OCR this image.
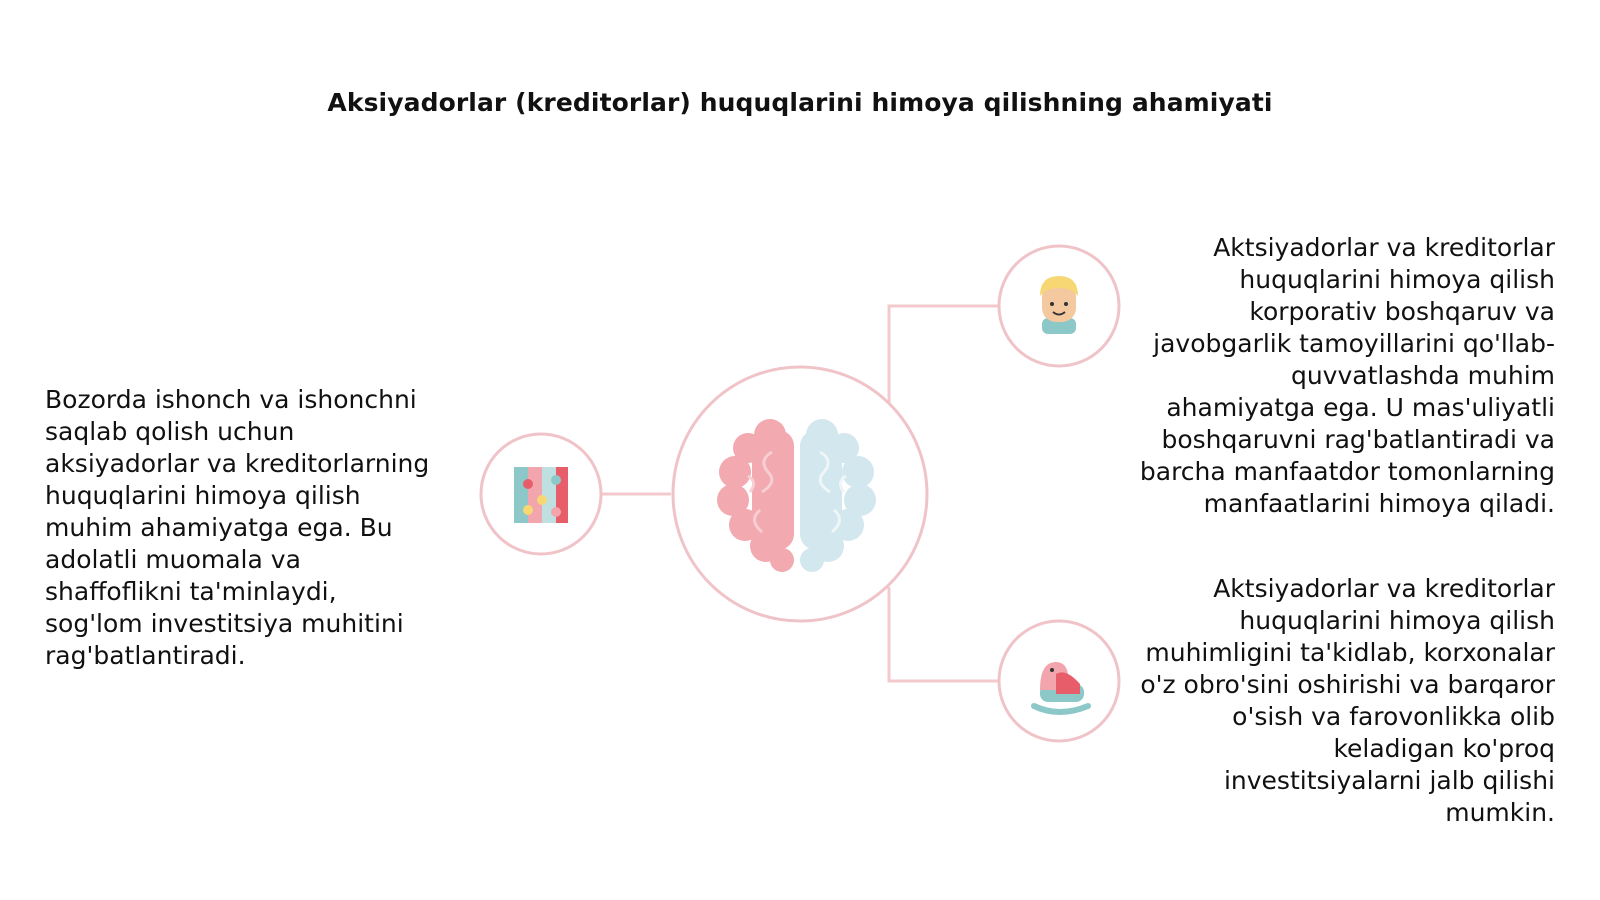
Aksiyadorlar (kreditorlar) huquqlarini himoya qilishning ahamiyati
Bozorda ishonch va ishonchni saqlab qolish uchun aksiyadorlar va kreditorlarning huquqlarini himoya qilish muhim ahamiyatga ega. Bu adolatli muomala va shaffoflikni ta'minlaydi, sog'lom investitsiya muhitini rag'batlantiradi.
Aktsiyadorlar va kreditorlar huquqlarini himoya qilish korporativ boshqaruv va javobgarlik tamoyillarini qo'llab-quvvatlashda muhim ahamiyatga ega. U mas'uliyatli boshqaruvni rag'batlantiradi va barcha manfaatdor tomonlarning manfaatlarini himoya qiladi.
Aktsiyadorlar va kreditorlar huquqlarini himoya qilish muhimligini ta'kidlab, korxonalar o'z obro'sini oshirishi va barqaror o'sish va farovonlikka olib keladigan ko'proq investitsiyalarni jalb qilishi mumkin.
